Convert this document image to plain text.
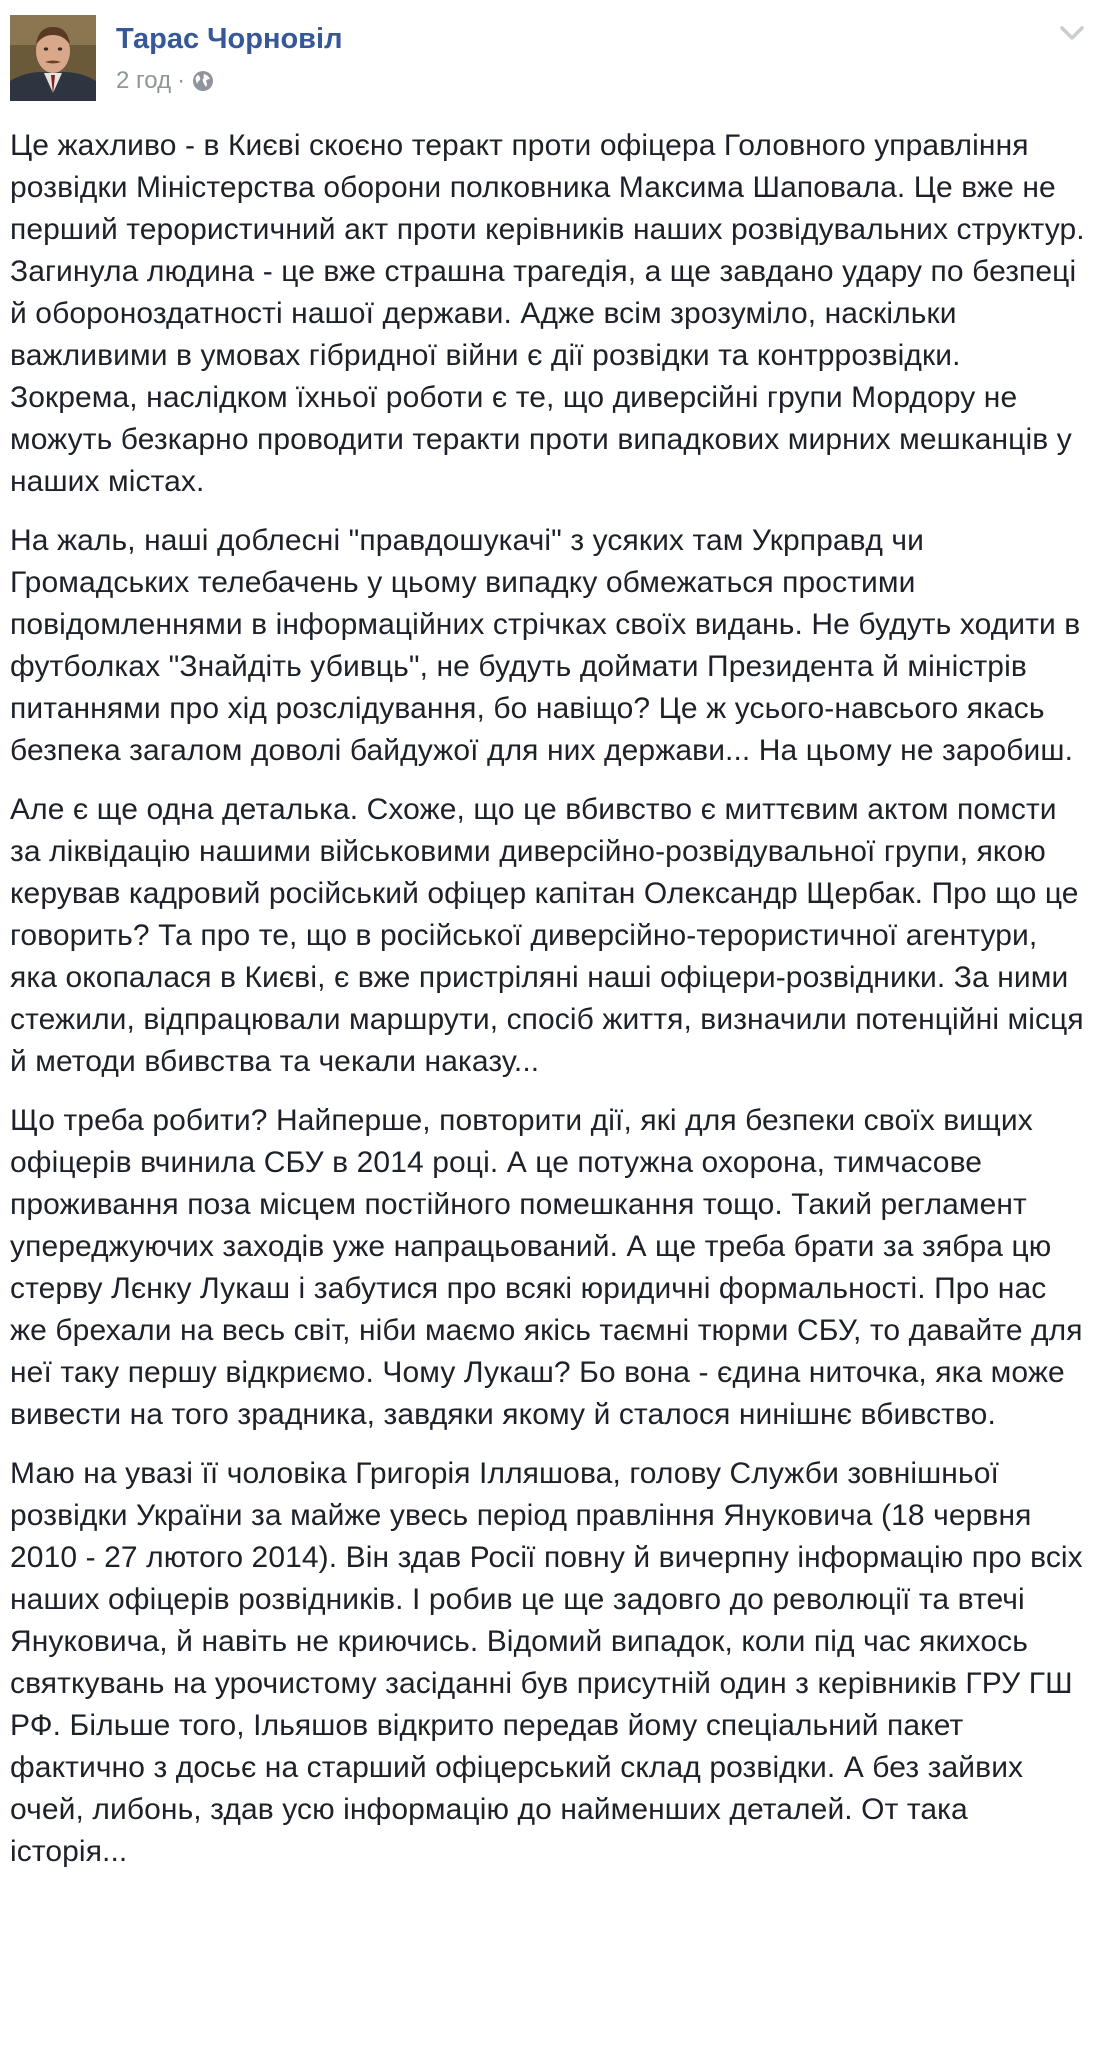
Тарас Чорновіл
2 год ·

Це жахливо - в Києві скоєно теракт проти офіцера Головного управління розвідки Міністерства оборони полковника Максима Шаповала. Це вже не перший терористичний акт проти керівників наших розвідувальних структур. Загинула людина - це вже страшна трагедія, а ще завдано удару по безпеці й обороноздатності нашої держави. Адже всім зрозуміло, наскільки важливими в умовах гібридної війни є дії розвідки та контррозвідки. Зокрема, наслідком їхньої роботи є те, що диверсійні групи Мордору не можуть безкарно проводити теракти проти випадкових мирних мешканців у наших містах.

На жаль, наші доблесні "правдошукачі" з усяких там Укрправд чи Громадських телебачень у цьому випадку обмежаться простими повідомленнями в інформаційних стрічках своїх видань. Не будуть ходити в футболках "Знайдіть убивць", не будуть доймати Президента й міністрів питаннями про хід розслідування, бо навіщо? Це ж усього-навсього якась безпека загалом доволі байдужої для них держави... На цьому не заробиш.

Але є ще одна деталька. Схоже, що це вбивство є миттєвим актом помсти за ліквідацію нашими військовими диверсійно-розвідувальної групи, якою керував кадровий російський офіцер капітан Олександр Щербак. Про що це говорить? Та про те, що в російської диверсійно-терористичної агентури, яка окопалася в Києві, є вже пристріляні наші офіцери-розвідники. За ними стежили, відпрацювали маршрути, спосіб життя, визначили потенційні місця й методи вбивства та чекали наказу...

Що треба робити? Найперше, повторити дії, які для безпеки своїх вищих офіцерів вчинила СБУ в 2014 році. А це потужна охорона, тимчасове проживання поза місцем постійного помешкання тощо. Такий регламент упереджуючих заходів уже напрацьований. А ще треба брати за зябра цю стерву Лєнку Лукаш і забутися про всякі юридичні формальності. Про нас же брехали на весь світ, ніби маємо якісь таємні тюрми СБУ, то давайте для неї таку першу відкриємо. Чому Лукаш? Бо вона - єдина ниточка, яка може вивести на того зрадника, завдяки якому й сталося нинішнє вбивство.

Маю на увазі її чоловіка Григорія Ілляшова, голову Служби зовнішньої розвідки України за майже увесь період правління Януковича (18 червня 2010 - 27 лютого 2014). Він здав Росії повну й вичерпну інформацію про всіх наших офіцерів розвідників. І робив це ще задовго до революції та втечі Януковича, й навіть не криючись. Відомий випадок, коли під час якихось святкувань на урочистому засіданні був присутній один з керівників ГРУ ГШ РФ. Більше того, Ільяшов відкрито передав йому спеціальний пакет фактично з досьє на старший офіцерський склад розвідки. А без зайвих очей, либонь, здав усю інформацію до найменших деталей. От така історія...
